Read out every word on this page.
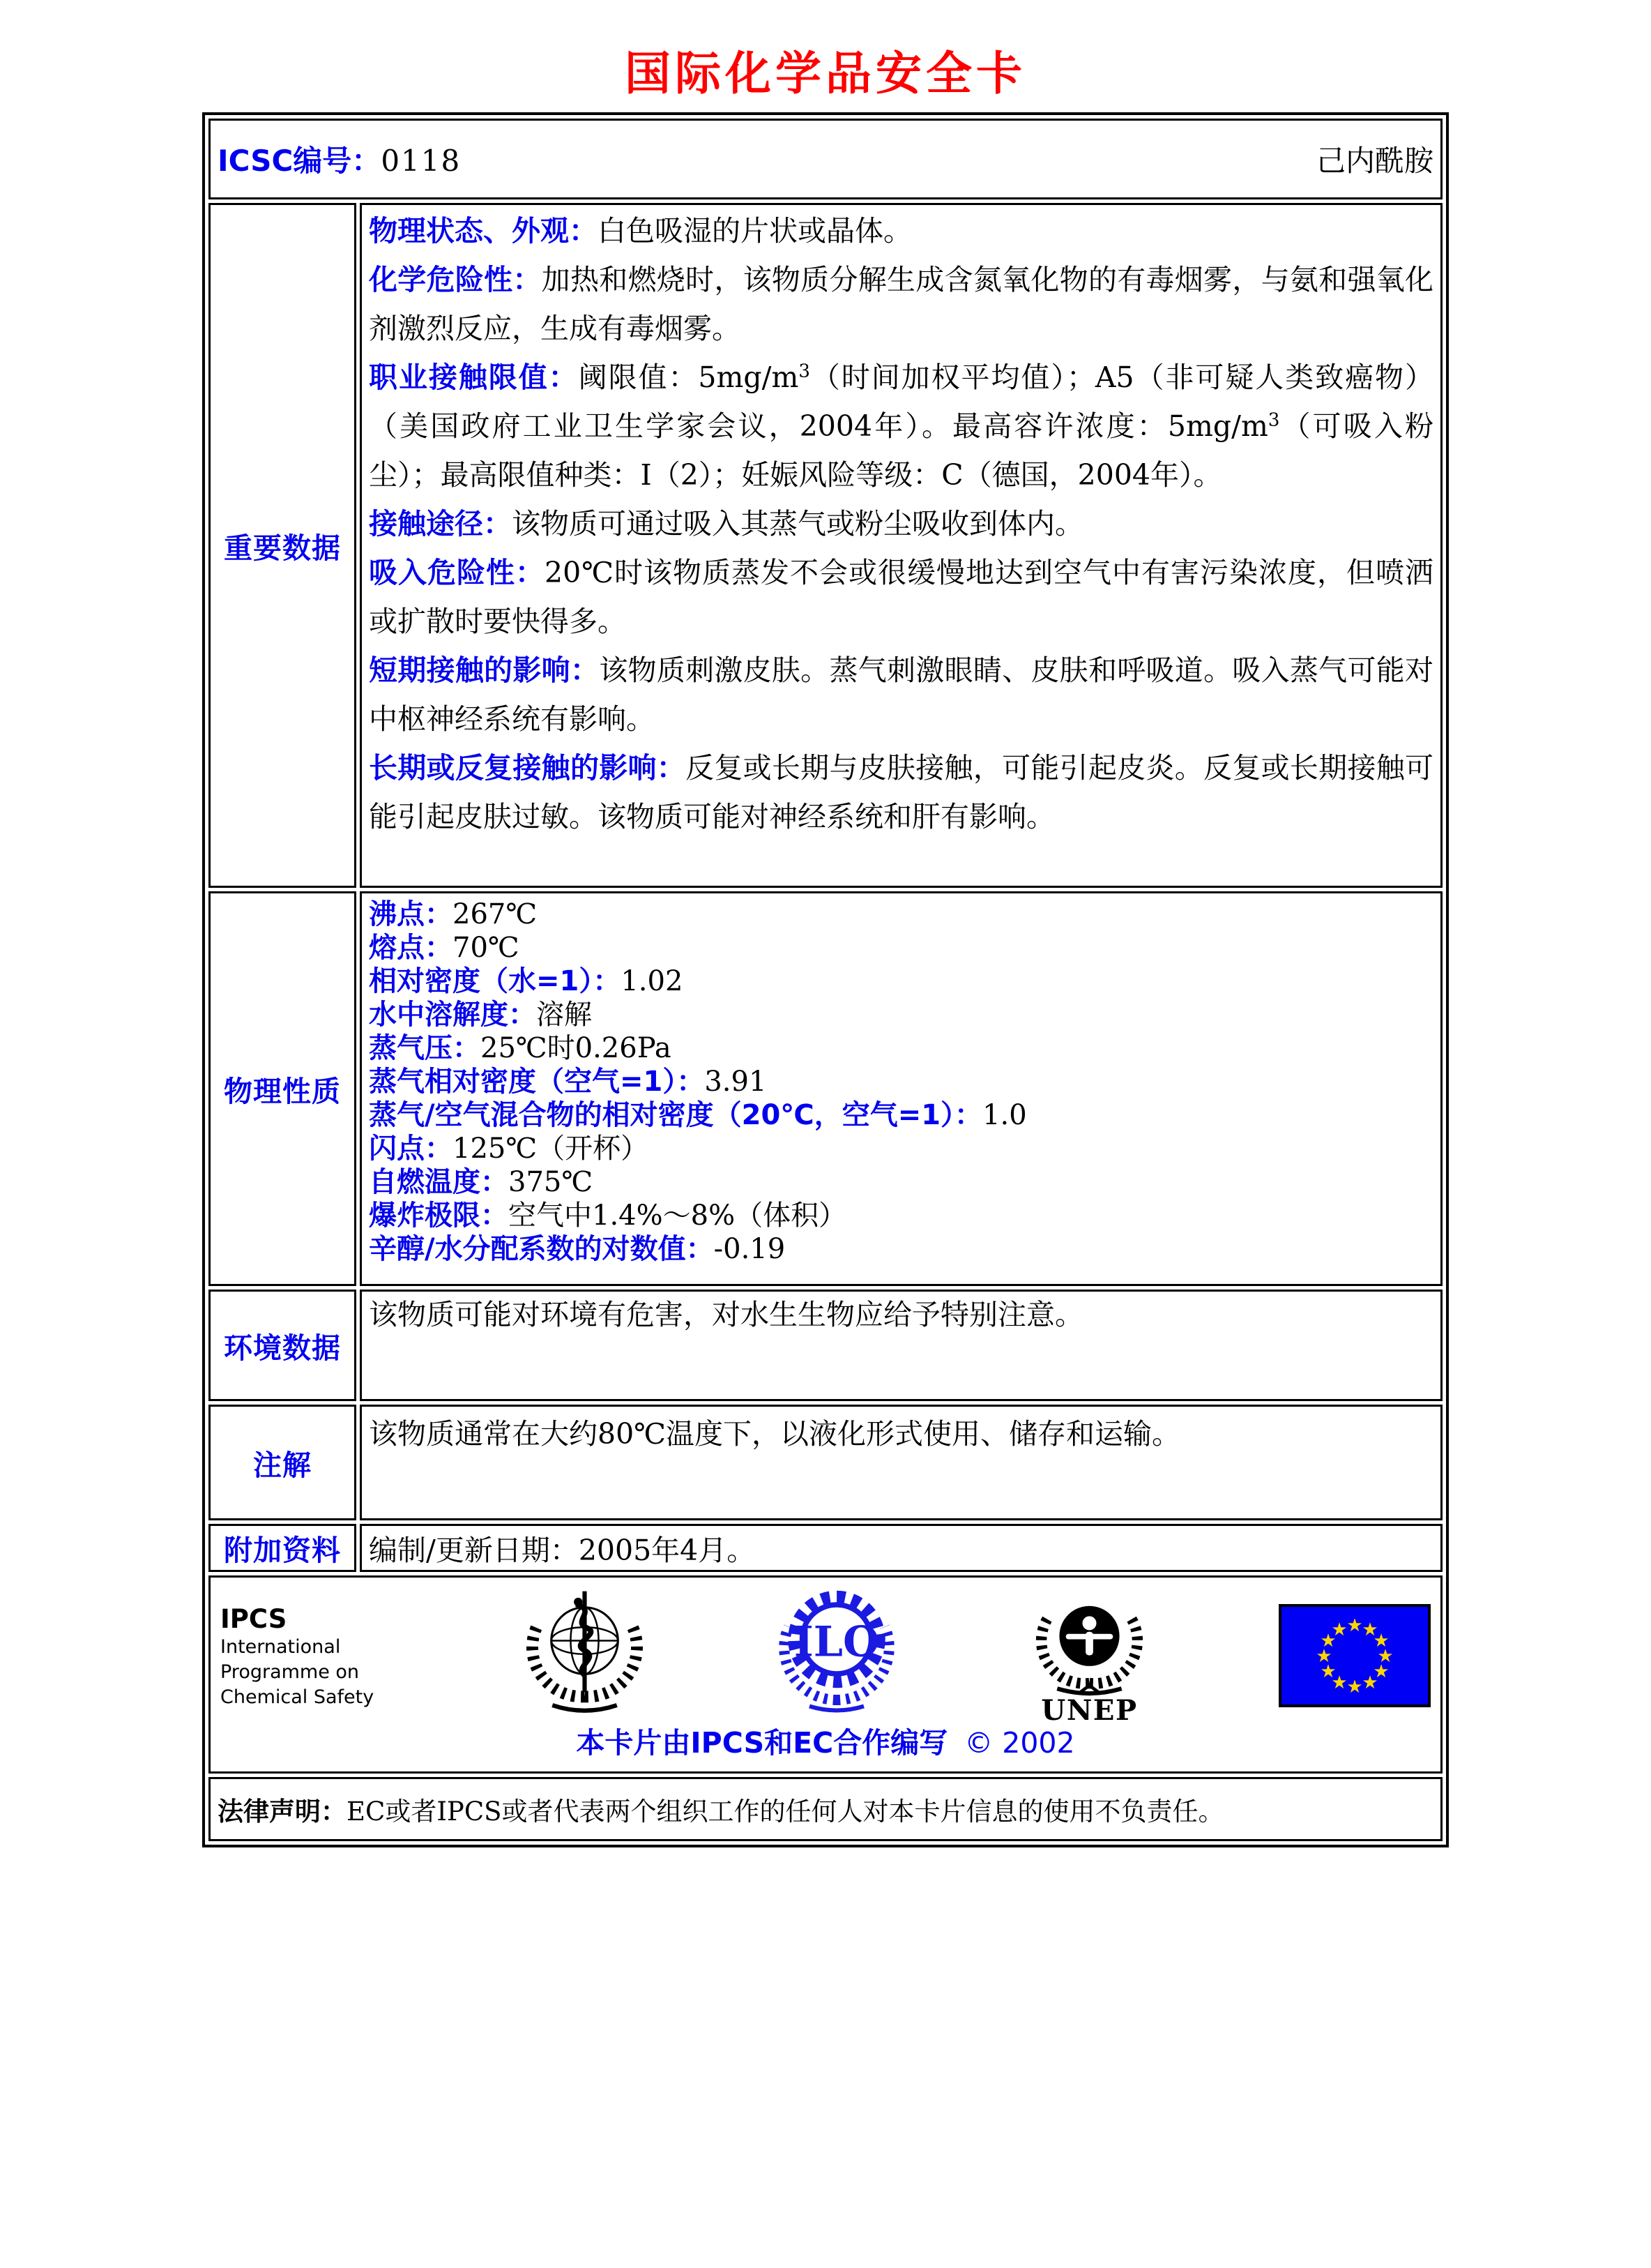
国际化学品安全卡
ICSC编号：0118 己内酰胺	

重要数据	

物理状态、外观：白色吸湿的片状或晶体。

化学危险性：加热和燃烧时，该物质分解生成含氮氧化物的有毒烟雾，与氨和强氧化剂激烈反应，生成有毒烟雾。

职业接触限值：阈限值：$5mg/m^3$（时间加权平均值）；A5（非可疑人类致癌物）（美国政府工业卫生学家会议，2004年）。最高容许浓度：$5mg/m^3$（可吸入粉尘）；最高限值种类：I（2）；妊娠风险等级：C（德国，2004年）。

接触途径：该物质可通过吸入其蒸气或粉尘吸收到体内。

吸入危险性：20℃时该物质蒸发不会或很缓慢地达到空气中有害污染浓度，但喷洒或扩散时要快得多。

短期接触的影响：该物质刺激皮肤。蒸气刺激眼睛、皮肤和呼吸道。吸入蒸气可能对中枢神经系统有影响。

长期或反复接触的影响：反复或长期与皮肤接触，可能引起皮炎。反复或长期接触可能引起皮肤过敏。该物质可能对神经系统和肝有影响。

物理性质	
沸点：267℃
熔点：70℃
相对密度（水=1）：1.02
水中溶解度：溶解
蒸气压：25℃时0.26Pa
蒸气相对密度（空气=1）：3.91
蒸气/空气混合物的相对密度（20℃，空气=1）：1.0
闪点：125℃（开杯）
自燃温度：375℃
爆炸极限：空气中1.4%～8%（体积）
辛醇/水分配系数的对数值：-0.19

环境数据	该物质可能对环境有危害，对水生生物应给予特别注意。
注解	该物质通常在大约80℃温度下，以液化形式使用、储存和运输。
附加资料	编制/更新日期：2005年4月。

IPCS
International
Programme on
Chemical Safety
ILO
UNEP
★
★
★
★
★
★
★
★
★
★
★
★
本卡片由IPCS和EC合作编写 © 2002

法律声明：EC或者IPCS或者代表两个组织工作的任何人对本卡片信息的使用不负责任。	
